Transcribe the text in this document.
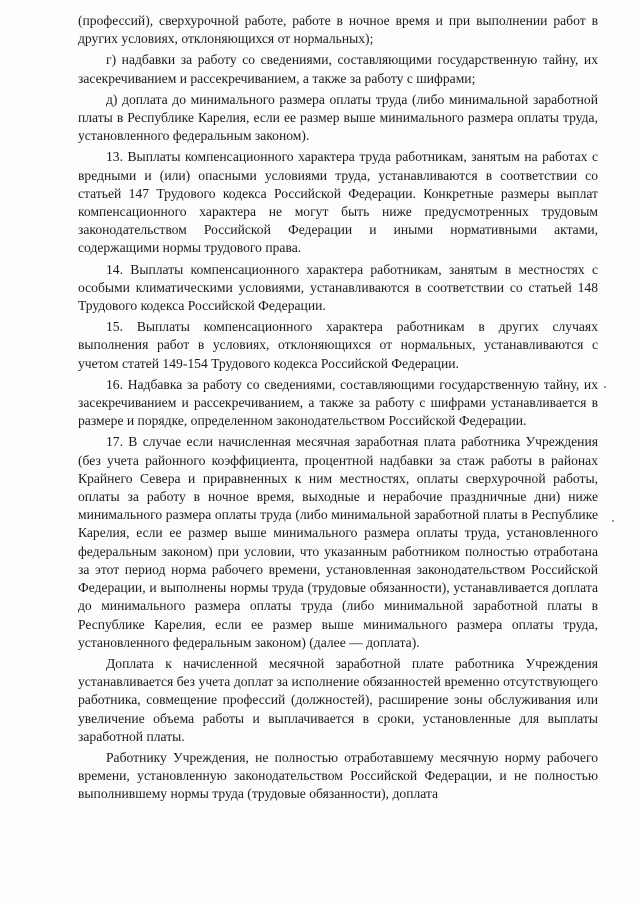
(профессий), сверхурочной работе, работе в ночное время и при выполнении работ в других условиях, отклоняющихся от нормальных);

г) надбавки за работу со сведениями, составляющими государственную тайну, их засекречиванием и рассекречиванием, а также за работу с шифрами;

д) доплата до минимального размера оплаты труда (либо минимальной заработной платы в Республике Карелия, если ее размер выше минимального размера оплаты труда, установленного федеральным законом).

13. Выплаты компенсационного характера труда работникам, занятым на работах с вредными и (или) опасными условиями труда, устанавливаются в соответствии со статьей 147 Трудового кодекса Российской Федерации. Конкретные размеры выплат компенсационного характера не могут быть ниже предусмотренных трудовым законодательством Российской Федерации и иными нормативными актами, содержащими нормы трудового права.

14. Выплаты компенсационного характера работникам, занятым в местностях с особыми климатическими условиями, устанавливаются в соответствии со статьей 148 Трудового кодекса Российской Федерации.

15. Выплаты компенсационного характера работникам в других случаях выполнения работ в условиях, отклоняющихся от нормальных, устанавливаются с учетом статей 149-154 Трудового кодекса Российской Федерации.

16. Надбавка за работу со сведениями, составляющими государственную тайну, их засекречиванием и рассекречиванием, а также за работу с шифрами устанавливается в размере и порядке, определенном законодательством Российской Федерации.

17. В случае если начисленная месячная заработная плата работника Учреждения (без учета районного коэффициента, процентной надбавки за стаж работы в районах Крайнего Севера и приравненных к ним местностях, оплаты сверхурочной работы, оплаты за работу в ночное время, выходные и нерабочие праздничные дни) ниже минимального размера оплаты труда (либо минимальной заработной платы в Республике Карелия, если ее размер выше минимального размера оплаты труда, установленного федеральным законом) при условии, что указанным работником полностью отработана за этот период норма рабочего времени, установленная законодательством Российской Федерации, и выполнены нормы труда (трудовые обязанности), устанавливается доплата до минимального размера оплаты труда (либо минимальной заработной платы в Республике Карелия, если ее размер выше минимального размера оплаты труда, установленного федеральным законом) (далее — доплата).

Доплата к начисленной месячной заработной плате работника Учреждения устанавливается без учета доплат за исполнение обязанностей временно отсутствующего работника, совмещение профессий (должностей), расширение зоны обслуживания или увеличение объема работы и выплачивается в сроки, установленные для выплаты заработной платы.

Работнику Учреждения, не полностью отработавшему месячную норму рабочего времени, установленную законодательством Российской Федерации, и не полностью выполнившему нормы труда (трудовые обязанности), доплата
